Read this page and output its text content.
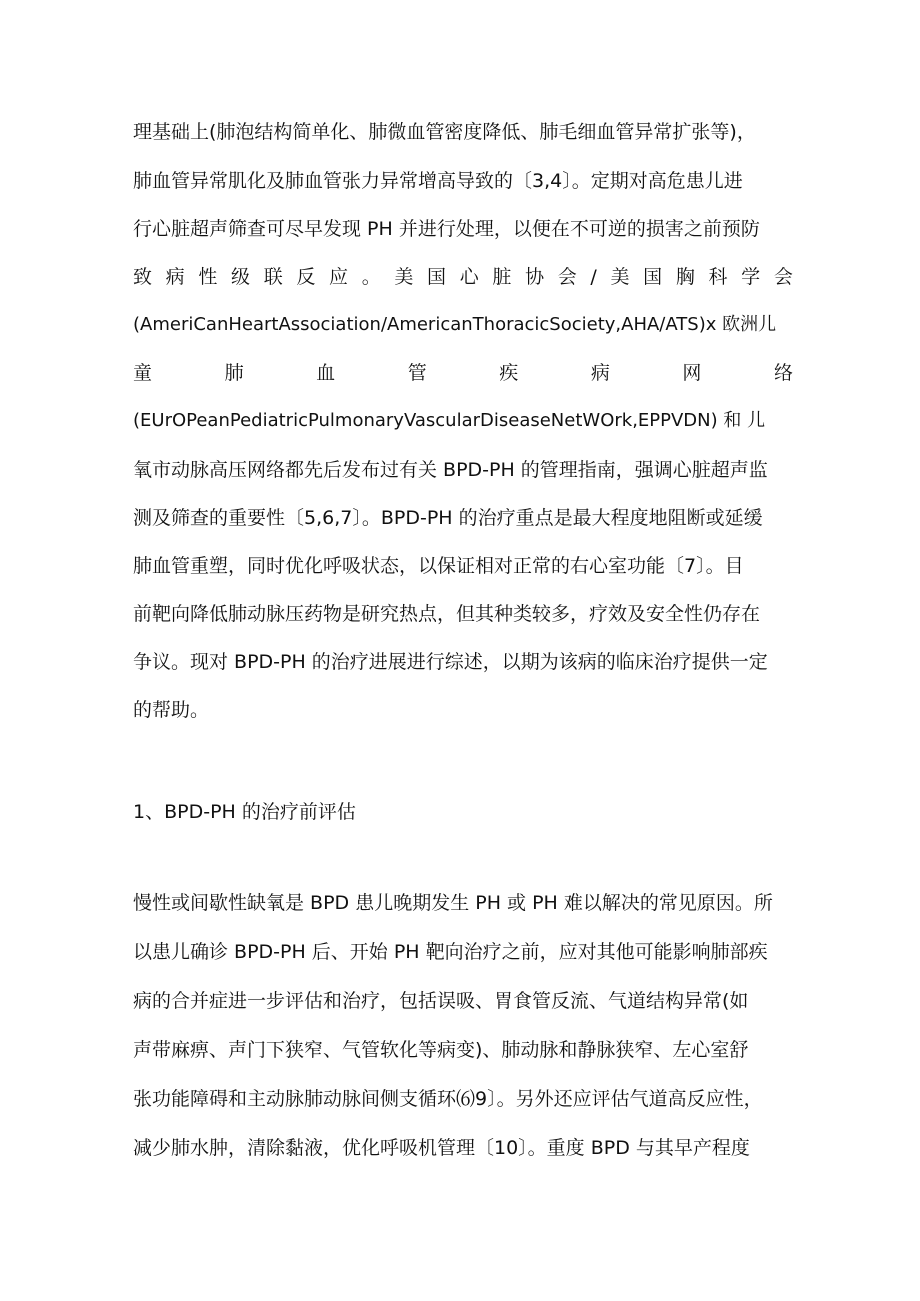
理基础上(肺泡结构简单化、肺微血管密度降低、肺毛细血管异常扩张等)，
肺血管异常肌化及肺血管张力异常增高导致的〔3,4〕。定期对高危患儿进
行心脏超声筛查可尽早发现 PH 并进行处理，以便在不可逆的损害之前预防
致 病 性 级 联 反 应 。 美 国 心 脏 协 会 / 美 国 胸 科 学 会
(AmeriCanHeartAssociation/AmericanThoracicSociety,AHA∕ATS)x 欧洲儿
童	肺	血	管	疾	病	网	络
(EUrOPeanPediatricPulmonaryVascularDiseaseNetWOrk,EPPVDN) 和 儿
氧市动脉高压网络都先后发布过有关 BPD-PH 的管理指南，强调心脏超声监
测及筛查的重要性〔5,6,7〕。BPD-PH 的治疗重点是最大程度地阻断或延缓
肺血管重塑，同时优化呼吸状态，以保证相对正常的右心室功能〔7〕。目
前靶向降低肺动脉压药物是研究热点，但其种类较多，疗效及安全性仍存在
争议。现对 BPD-PH 的治疗进展进行综述，以期为该病的临床治疗提供一定
的帮助。
1、BPD-PH 的治疗前评估
慢性或间歇性缺氧是 BPD 患儿晚期发生 PH 或 PH 难以解决的常见原因。所
以患儿确诊 BPD-PH 后、开始 PH 靶向治疗之前，应对其他可能影响肺部疾
病的合并症进一步评估和治疗，包括误吸、胃食管反流、气道结构异常(如
声带麻痹、声门下狭窄、气管软化等病变)、肺动脉和静脉狭窄、左心室舒
张功能障碍和主动脉肺动脉间侧支循环⑹9〕。另外还应评估气道高反应性，
减少肺水肿，清除黏液，优化呼吸机管理〔10〕。重度 BPD 与其早产程度
